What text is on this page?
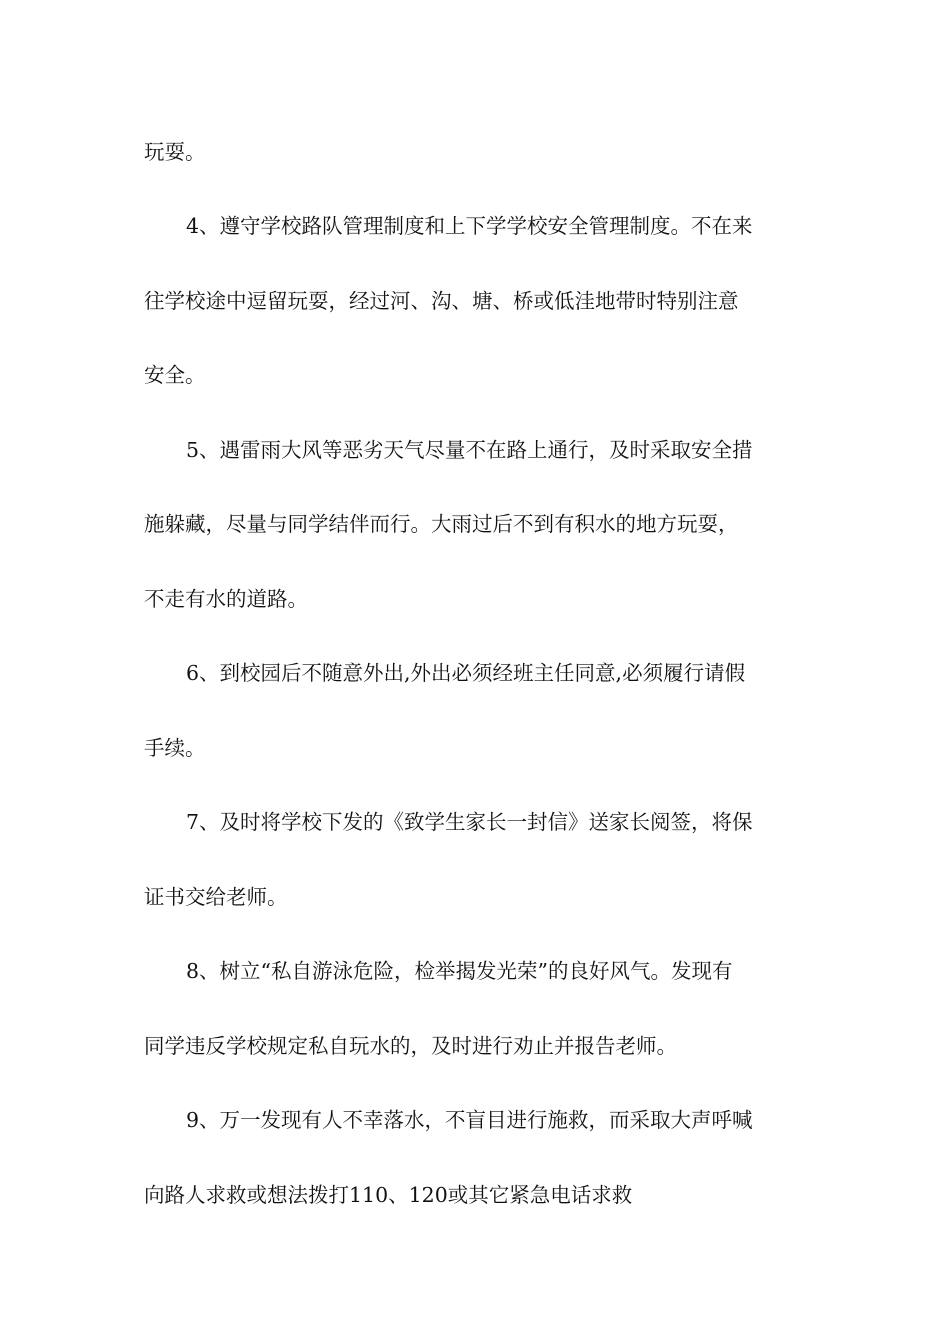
玩耍。
4、遵守学校路队管理制度和上下学学校安全管理制度。不在来
往学校途中逗留玩耍，经过河、沟、塘、桥或低洼地带时特别注意
安全。
5、遇雷雨大风等恶劣天气尽量不在路上通行，及时采取安全措
施躲藏，尽量与同学结伴而行。大雨过后不到有积水的地方玩耍，
不走有水的道路。
6、到校园后不随意外出,外出必须经班主任同意,必须履行请假
手续。
7、及时将学校下发的《致学生家长一封信》送家长阅签，将保
证书交给老师。
8、树立“私自游泳危险，检举揭发光荣”的良好风气。发现有
同学违反学校规定私自玩水的，及时进行劝止并报告老师。
9、万一发现有人不幸落水，不盲目进行施救，而采取大声呼喊
向路人求救或想法拨打110、120或其它紧急电话求救
